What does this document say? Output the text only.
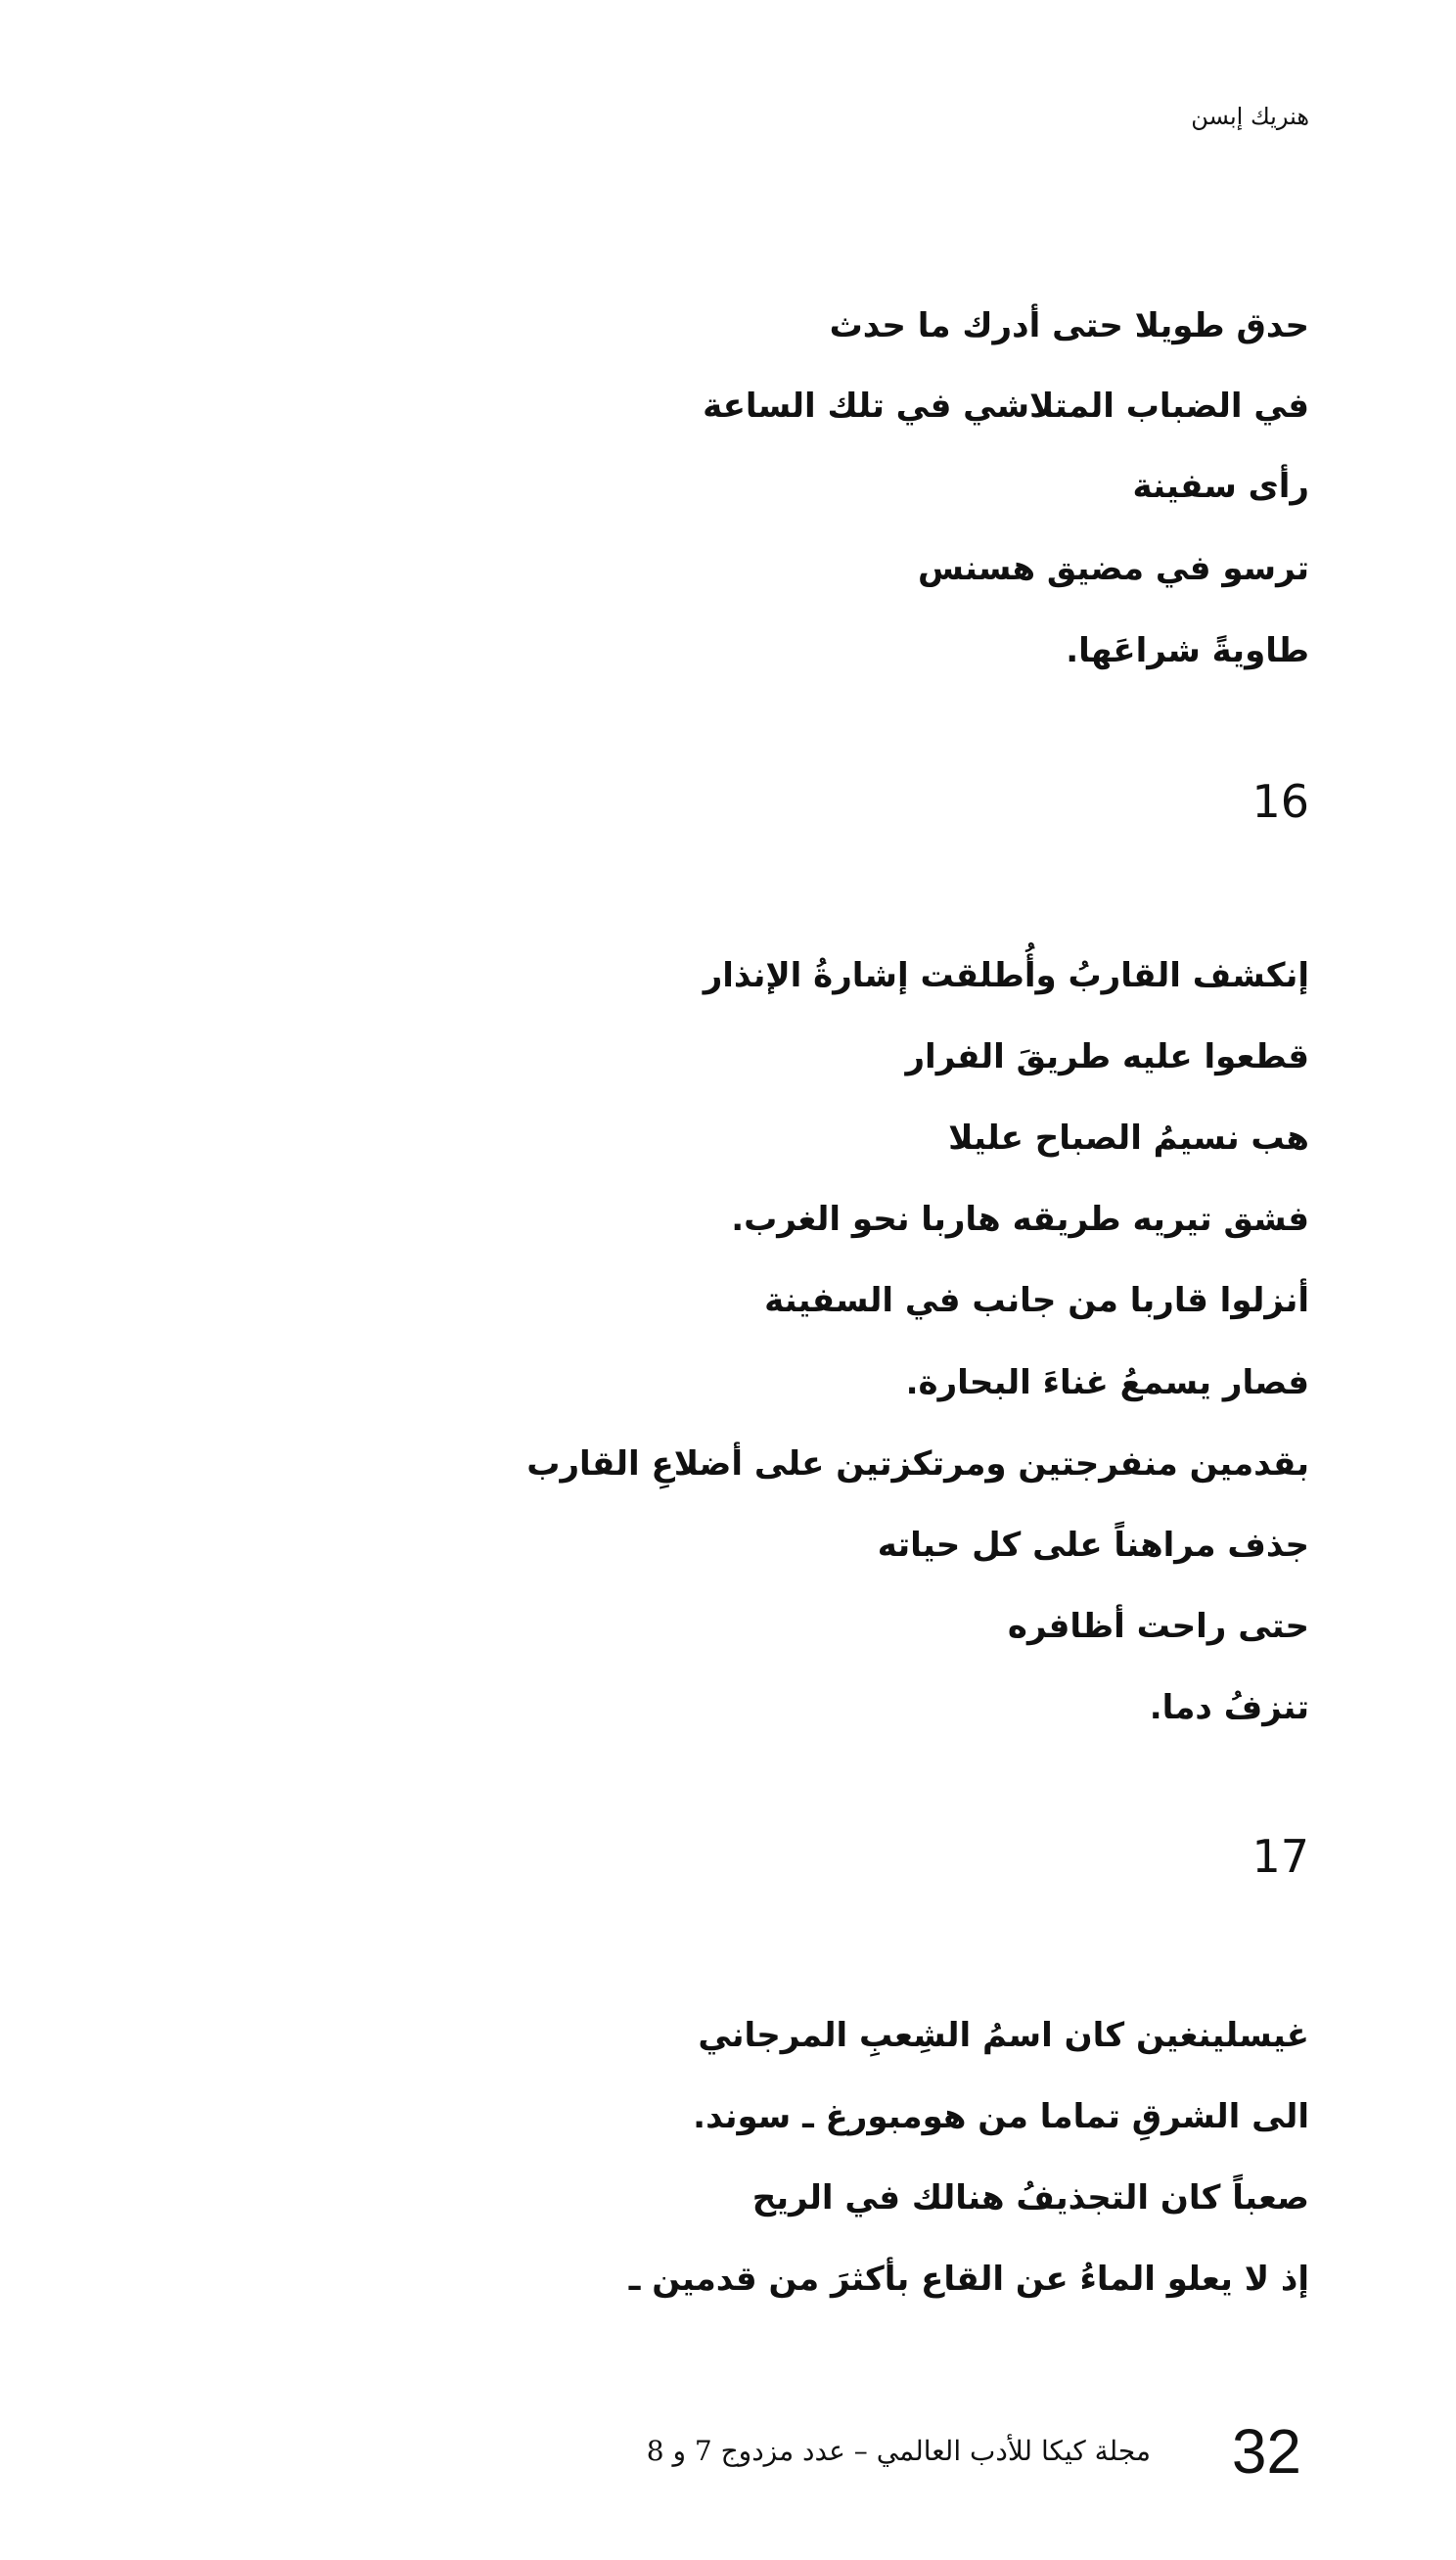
هنريك إبسن
حدق طويلا حتى أدرك ما حدث
في الضباب المتلاشي في تلك الساعة
رأى سفينة
ترسو في مضيق هسنس
طاويةً شراعَها.
16
إنكشف القاربُ وأُطلقت إشارةُ الإنذار
قطعوا عليه طريقَ الفرار
هب نسيمُ الصباح عليلا
فشق تيريه طريقه هاربا نحو الغرب.
أنزلوا قاربا من جانب في السفينة
فصار يسمعُ غناءَ البحارة.
بقدمين منفرجتين ومرتكزتين على أضلاعِ القارب
جذف مراهناً على كل حياته
حتى راحت أظافره
تنزفُ دما.
17
غيسلينغين كان اسمُ الشِعبِ المرجاني
الى الشرقِ تماما من هومبورغ ـ سوند.
صعباً كان التجذيفُ هنالك في الريح
إذ لا يعلو الماءُ عن القاع بأكثرَ من قدمين ـ
32
مجلة كيكا للأدب العالمي – عدد مزدوج 7 و 8
